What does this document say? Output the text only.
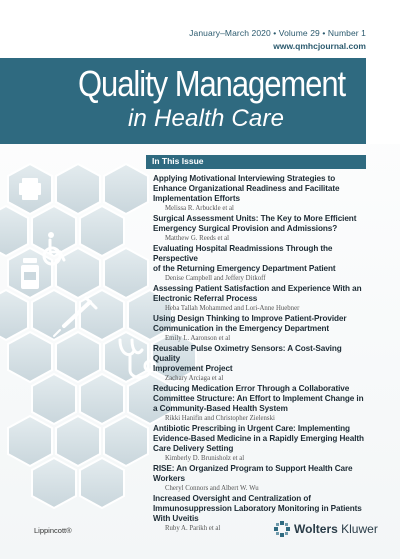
January–March 2020 • Volume 29 • Number 1
www.qmhcjournal.com
Quality Management
in Health Care
In This Issue
Applying Motivational Interviewing Strategies to
Enhance Organizational Readiness and Facilitate
Implementation Efforts
Melissa R. Arbuckle et al
Surgical Assessment Units: The Key to More Efficient
Emergency Surgical Provision and Admissions?
Matthew G. Reeds et al
Evaluating Hospital Readmissions Through the Perspective
of the Returning Emergency Department Patient
Denise Campbell and Jeffery Ditkoff
Assessing Patient Satisfaction and Experience With an
Electronic Referral Process
Heba Tallah Mohammed and Lori-Anne Huebner
Using Design Thinking to Improve Patient-Provider
Communication in the Emergency Department
Emily L. Aaronson et al
Reusable Pulse Oximetry Sensors: A Cost-Saving Quality
Improvement Project
Zachary Arciaga et al
Reducing Medication Error Through a Collaborative
Committee Structure: An Effort to Implement Change in
a Community-Based Health System
Rikki Hanifin and Christopher Zielenski
Antibiotic Prescribing in Urgent Care: Implementing
Evidence-Based Medicine in a Rapidly Emerging Health
Care Delivery Setting
Kimberly D. Brunisholz et al
RISE: An Organized Program to Support Health Care
Workers
Cheryl Connors and Albert W. Wu
Increased Oversight and Centralization of
Immunosuppression Laboratory Monitoring in Patients
With Uveitis
Ruby A. Parikh et al
Lippincott®	Wolters Kluwer
